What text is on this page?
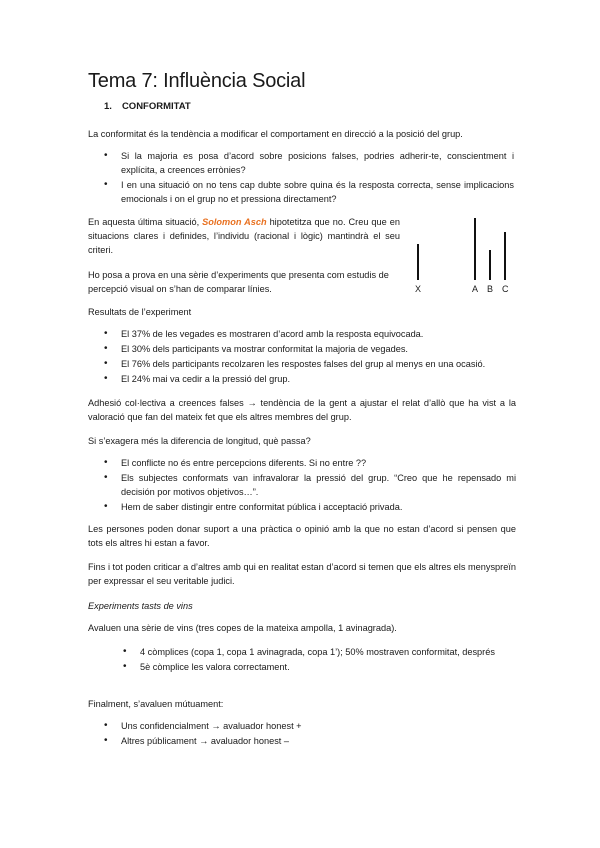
Tema 7: Influència Social
1. CONFORMITAT
La conformitat és la tendència a modificar el comportament en direcció a la posició del grup.
• Si la majoria es posa d’acord sobre posicions falses, podries adherir-te, conscientment i explícita, a creences errònies?
• I en una situació on no tens cap dubte sobre quina és la resposta correcta, sense implicacions emocionals i on el grup no et pressiona directament?
En aquesta última situació, Solomon Asch hipotetitza que no. Creu que en situacions clares i definides, l’individu (racional i lògic) mantindrà el seu criteri.
Ho posa a prova en una sèrie d’experiments que presenta com estudis de percepció visual on s’han de comparar línies.	X	A B C
Resultats de l’experiment
• El 37% de les vegades es mostraren d’acord amb la resposta equivocada.
• El 30% dels participants va mostrar conformitat la majoria de vegades.
• El 76% dels participants recolzaren les respostes falses del grup al menys en una ocasió.
• El 24% mai va cedir a la pressió del grup.
Adhesió col·lectiva a creences falses → tendència de la gent a ajustar el relat d’allò que ha vist a la valoració que fan del mateix fet que els altres membres del grup.
Si s’exagera més la diferencia de longitud, què passa?
• El conflicte no és entre percepcions diferents. Si no entre ??
• Els subjectes conformats van infravalorar la pressió del grup. “Creo que he repensado mi decisión por motivos objetivos…”.
• Hem de saber distingir entre conformitat pública i acceptació privada.
Les persones poden donar suport a una pràctica o opinió amb la que no estan d’acord si pensen que tots els altres hi estan a favor.
Fins i tot poden criticar a d’altres amb qui en realitat estan d’acord si temen que els altres els menyspreïn per expressar el seu veritable judici.
Experiments tasts de vins
Avaluen una sèrie de vins (tres copes de la mateixa ampolla, 1 avinagrada).
• 4 còmplices (copa 1, copa 1 avinagrada, copa 1’); 50% mostraven conformitat, després
• 5è còmplice les valora correctament.
Finalment, s’avaluen mútuament:
• Uns confidencialment → avaluador honest +
• Altres públicament → avaluador honest –
